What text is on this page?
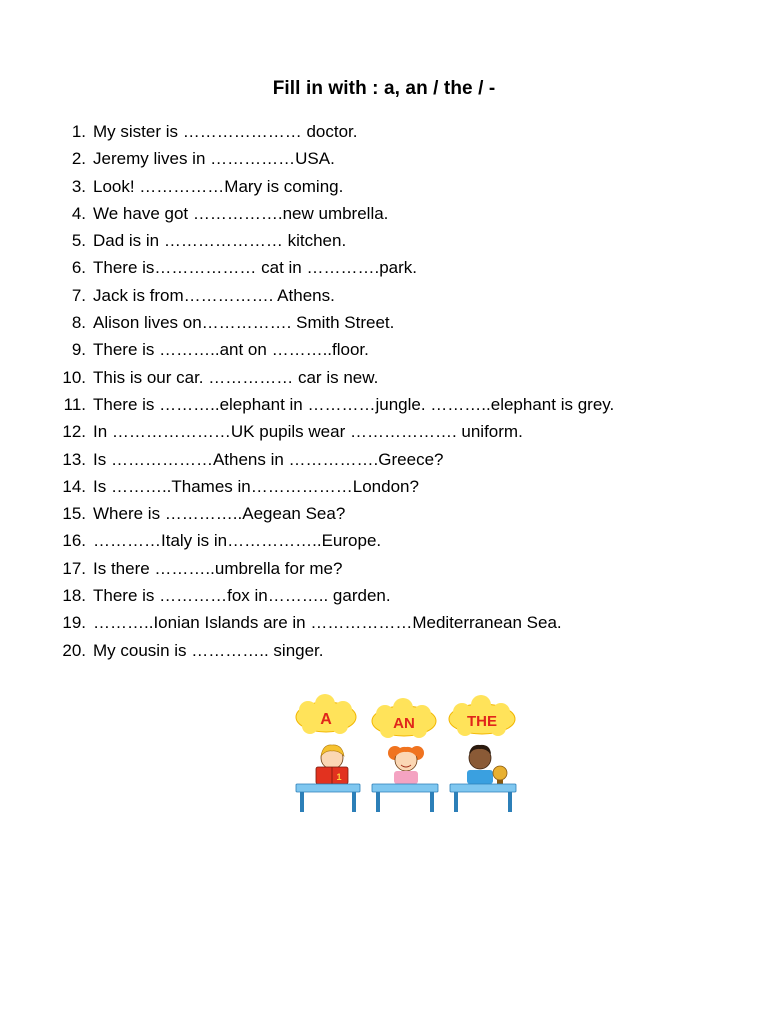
Fill in with : a, an / the / -
1. My sister is ………………… doctor.
2. Jeremy lives in ……………USA.
3. Look! ……………Mary is coming.
4. We have got …………….new umbrella.
5. Dad is in ………………… kitchen.
6. There is……………… cat in ………….park.
7. Jack is from……………. Athens.
8. Alison lives on……………. Smith Street.
9. There is ………..ant on ………..floor.
10. This is our car. …………… car is new.
11. There is ………..elephant in …………jungle. ………..elephant is grey.
12. In …………………UK pupils wear ………………. uniform.
13. Is ………………Athens in …………….Greece?
14. Is ………..Thames in………………London?
15. Where is …………..Aegean Sea?
16. …………Italy is in……………..Europe.
17. Is there ………..umbrella for me?
18. There is …………fox in……….. garden.
19. ………..Ionian Islands are in ………………Mediterranean Sea.
20. My cousin is ………….. singer.
A	AN	THE
1
